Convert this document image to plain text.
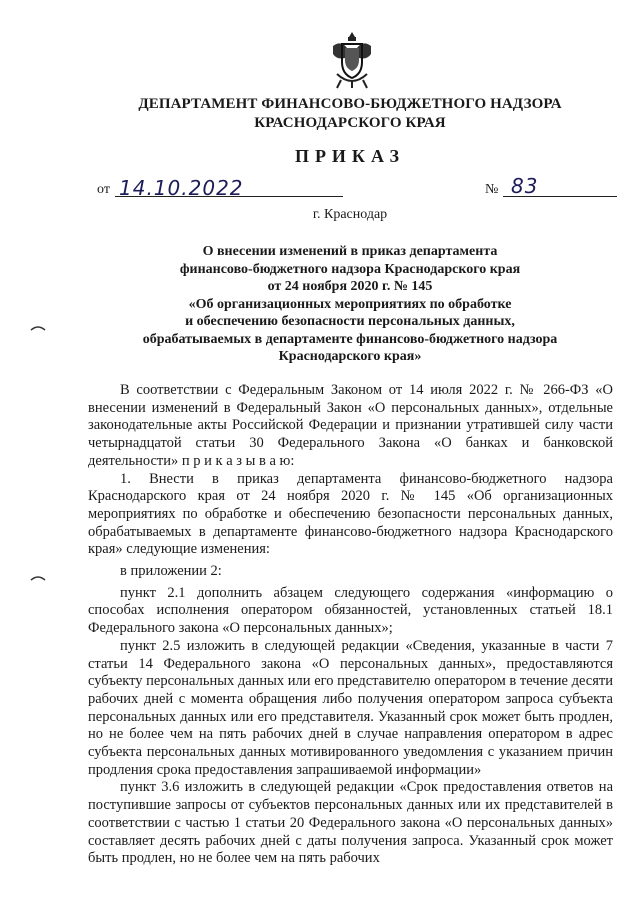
ДЕПАРТАМЕНТ ФИНАНСОВО-БЮДЖЕТНОГО НАДЗОРА
КРАСНОДАРСКОГО КРАЯ
ПРИКАЗ
от 14.10.2022	№ 83
г. Краснодар
О внесении изменений в приказ департамента
финансово-бюджетного надзора Краснодарского края
от 24 ноября 2020 г. № 145
«Об организационных мероприятиях по обработке
и обеспечению безопасности персональных данных,
обрабатываемых в департаменте финансово-бюджетного надзора
Краснодарского края»

В соответствии с Федеральным Законом от 14 июля 2022 г. № 266-ФЗ «О внесении изменений в Федеральный Закон «О персональных данных», отдельные законодательные акты Российской Федерации и признании утратившей силу части четырнадцатой статьи 30 Федерального Закона «О банках и банковской деятельности» п р и к а з ы в а ю:

1. Внести в приказ департамента финансово-бюджетного надзора Краснодарского края от 24 ноября 2020 г. № 145 «Об организационных мероприятиях по обработке и обеспечению безопасности персональных данных, обрабатываемых в департаменте финансово-бюджетного надзора Краснодарского края» следующие изменения:

в приложении 2:

пункт 2.1 дополнить абзацем следующего содержания «информацию о способах исполнения оператором обязанностей, установленных статьей 18.1 Федерального закона «О персональных данных»;

пункт 2.5 изложить в следующей редакции «Сведения, указанные в части 7 статьи 14 Федерального закона «О персональных данных», предоставляются субъекту персональных данных или его представителю оператором в течение десяти рабочих дней с момента обращения либо получения оператором запроса субъекта персональных данных или его представителя. Указанный срок может быть продлен, но не более чем на пять рабочих дней в случае направления оператором в адрес субъекта персональных данных мотивированного уведомления с указанием причин продления срока предоставления запрашиваемой информации»

пункт 3.6 изложить в следующей редакции «Срок предоставления ответов на поступившие запросы от субъектов персональных данных или их представителей в соответствии с частью 1 статьи 20 Федерального закона «О персональных данных» составляет десять рабочих дней с даты получения запроса. Указанный срок может быть продлен, но не более чем на пять рабочих
